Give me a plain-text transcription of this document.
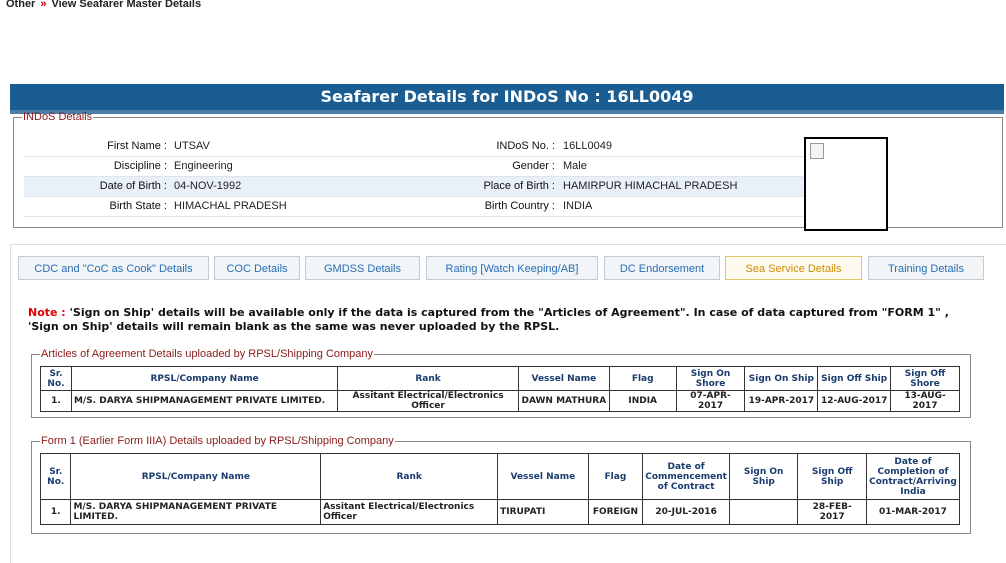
Other » View Seafarer Master Details
Seafarer Details for INDoS No : 16LL0049
INDoS Details
First Name : UTSAV	INDoS No. : 16LL0049
Discipline : Engineering	Gender : Male
Date of Birth : 04-NOV-1992	Place of Birth : HAMIRPUR HIMACHAL PRADESH
Birth State : HIMACHAL PRADESH	Birth Country : INDIA
CDC and "CoC as Cook" Details	COC Details	GMDSS Details	Rating [Watch Keeping/AB]	DC Endorsement	Sea Service Details	Training Details
Note : 'Sign on Ship' details will be available only if the data is captured from the "Articles of Agreement". In case of data captured from "FORM 1" , 'Sign on Ship' details will remain blank as the same was never uploaded by the RPSL.
Articles of Agreement Details uploaded by RPSL/Shipping Company
Sr. No.	RPSL/Company Name	Rank	Vessel Name	Flag	Sign On Shore	Sign On Ship	Sign Off Ship	Sign Off Shore
1.	M/S. DARYA SHIPMANAGEMENT PRIVATE LIMITED.	Assitant Electrical/Electronics Officer	DAWN MATHURA	INDIA	07-APR-2017	19-APR-2017	12-AUG-2017	13-AUG-2017
Form 1 (Earlier Form IIIA) Details uploaded by RPSL/Shipping Company
Sr. No.	RPSL/Company Name	Rank	Vessel Name	Flag	Date of Commencement of Contract	Sign On Ship	Sign Off Ship	Date of Completion of Contract/Arriving India
1.	M/S. DARYA SHIPMANAGEMENT PRIVATE LIMITED.	Assitant Electrical/Electronics Officer	TIRUPATI	FOREIGN	20-JUL-2016		28-FEB-2017	01-MAR-2017
